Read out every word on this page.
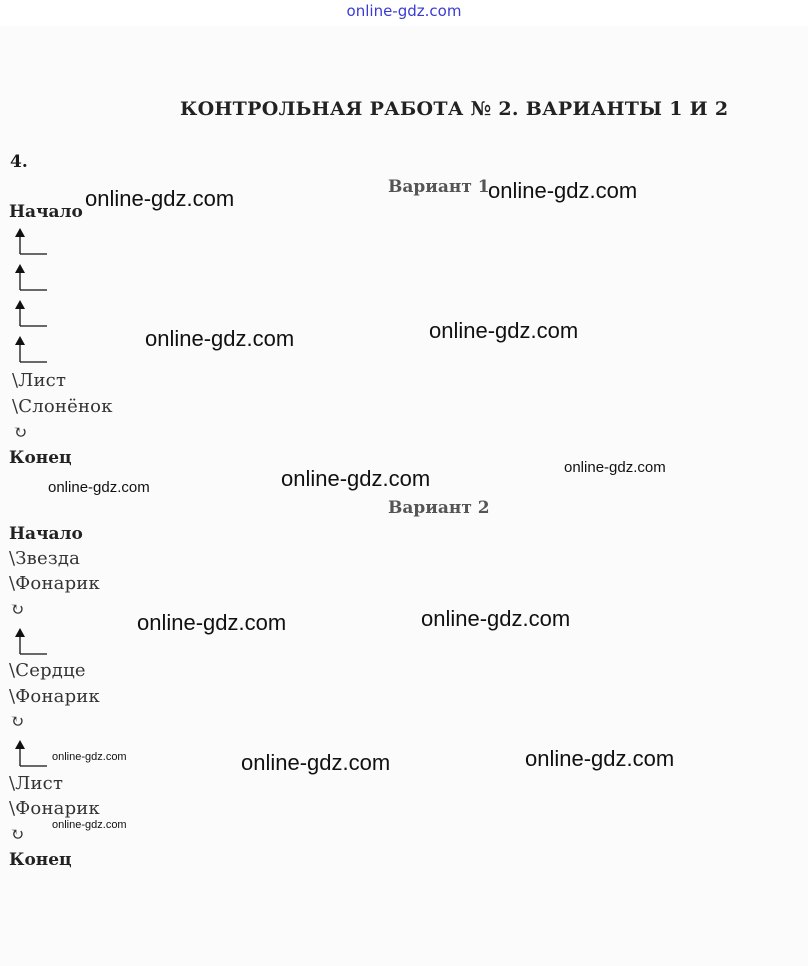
online-gdz.com
КОНТРОЛЬНАЯ РАБОТА № 2. ВАРИАНТЫ 1 И 2
4.
Вариант 1
Начало
\Лист
\Слонёнок
↻
Конец
Вариант 2
Начало
\Звезда
\Фонарик
↻
\Сердце
\Фонарик
↻
\Лист
\Фонарик
↻
Конец
online-gdz.com	online-gdz.com
online-gdz.com	online-gdz.com
online-gdz.com	online-gdz.com
online-gdz.com
online-gdz.com	online-gdz.com
online-gdz.com	online-gdz.com	online-gdz.com
online-gdz.com
